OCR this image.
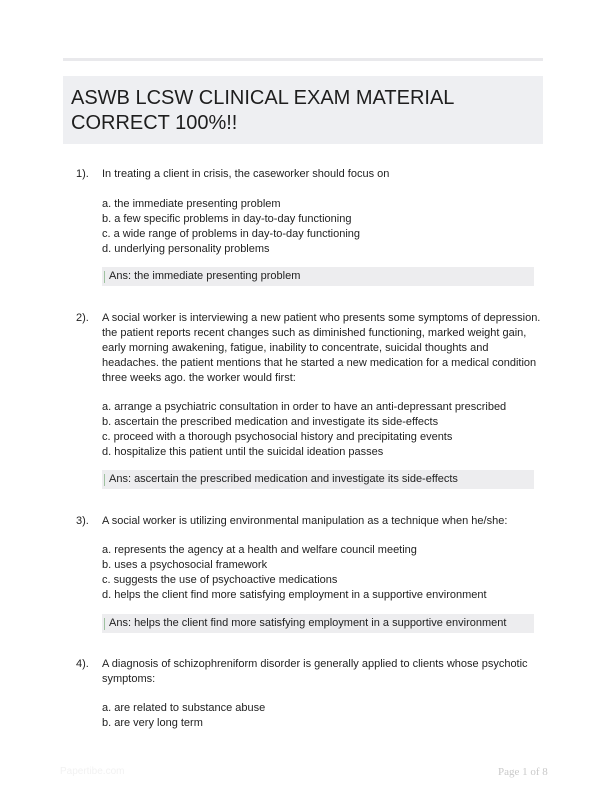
ASWB LCSW CLINICAL EXAM MATERIAL
CORRECT 100%!!
1). In treating a client in crisis, the caseworker should focus on
a. the immediate presenting problem
b. a few specific problems in day-to-day functioning
c. a wide range of problems in day-to-day functioning
d. underlying personality problems
Ans: the immediate presenting problem
2). A social worker is interviewing a new patient who presents some symptoms of depression. the patient reports recent changes such as diminished functioning, marked weight gain, early morning awakening, fatigue, inability to concentrate, suicidal thoughts and headaches. the patient mentions that he started a new medication for a medical condition three weeks ago. the worker would first:
a. arrange a psychiatric consultation in order to have an anti-depressant prescribed
b. ascertain the prescribed medication and investigate its side-effects
c. proceed with a thorough psychosocial history and precipitating events
d. hospitalize this patient until the suicidal ideation passes
Ans: ascertain the prescribed medication and investigate its side-effects
3). A social worker is utilizing environmental manipulation as a technique when he/she:
a. represents the agency at a health and welfare council meeting
b. uses a psychosocial framework
c. suggests the use of psychoactive medications
d. helps the client find more satisfying employment in a supportive environment
Ans: helps the client find more satisfying employment in a supportive environment
4). A diagnosis of schizophreniform disorder is generally applied to clients whose psychotic symptoms:
a. are related to substance abuse
b. are very long term
Papertibe.com	Page 1 of 8
